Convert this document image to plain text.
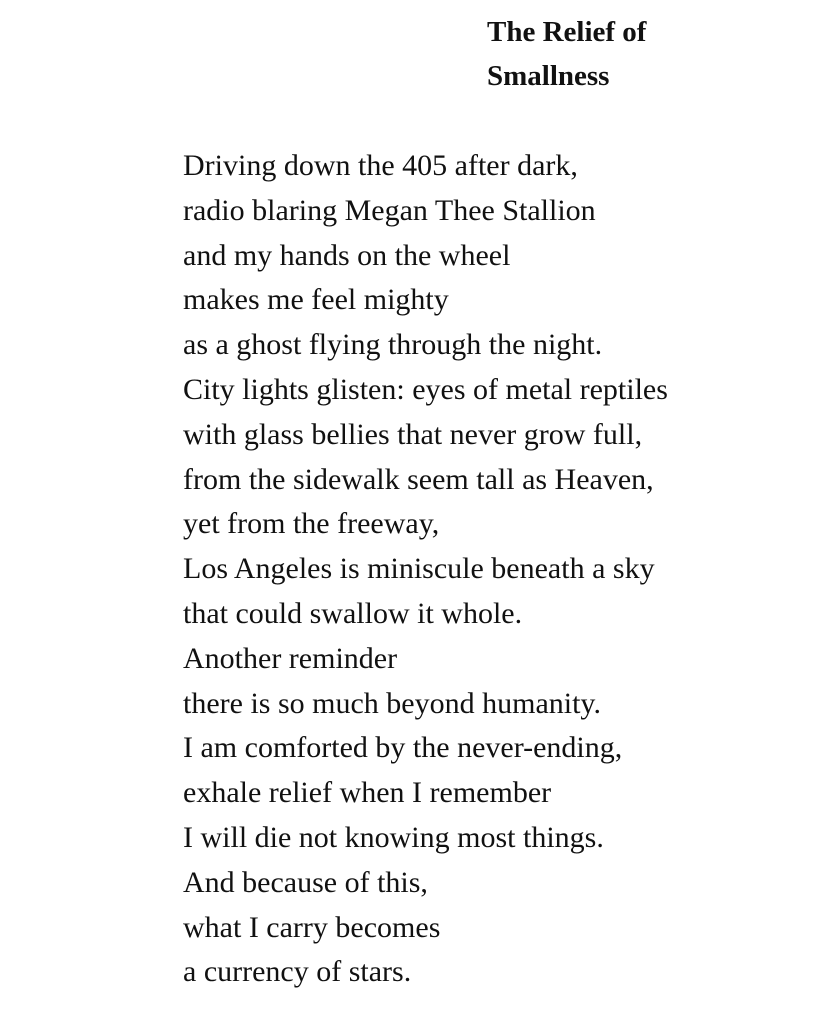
The Relief of
Smallness
Driving down the 405 after dark,
radio blaring Megan Thee Stallion
and my hands on the wheel
makes me feel mighty
as a ghost flying through the night.
City lights glisten: eyes of metal reptiles
with glass bellies that never grow full,
from the sidewalk seem tall as Heaven,
yet from the freeway,
Los Angeles is miniscule beneath a sky
that could swallow it whole.
Another reminder
there is so much beyond humanity.
I am comforted by the never-ending,
exhale relief when I remember
I will die not knowing most things.
And because of this,
what I carry becomes
a currency of stars.
